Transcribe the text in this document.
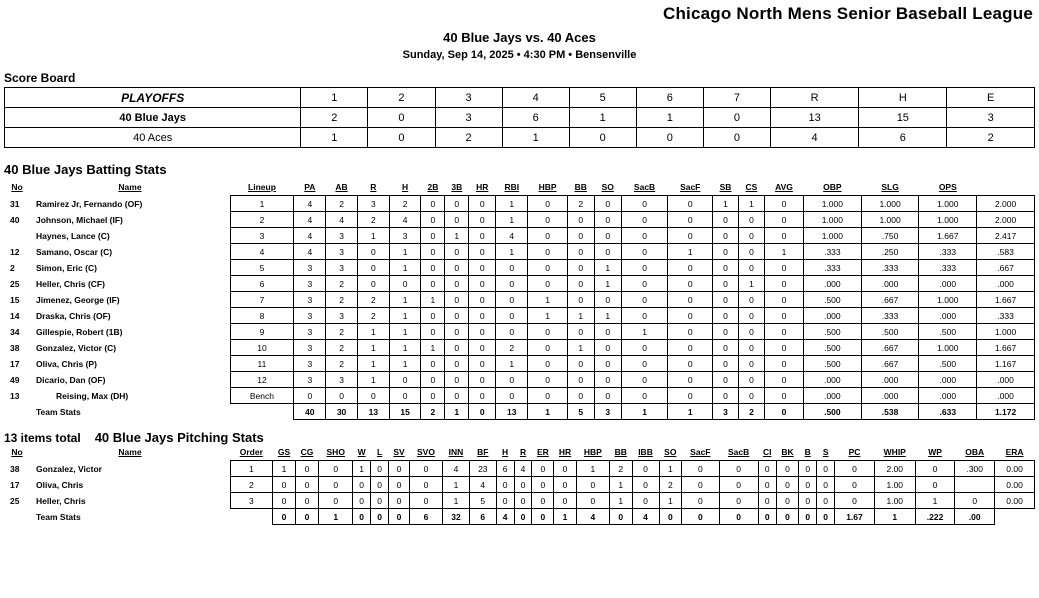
Chicago North Mens Senior Baseball League
40 Blue Jays vs. 40 Aces
Sunday, Sep 14, 2025 • 4:30 PM • Bensenville
Score Board
PLAYOFFS	1	2	3	4	5	6	7	R	H	E
40 Blue Jays	2	0	3	6	1	1	0	13	15	3
40 Aces	1	0	2	1	0	0	0	4	6	2
40 Blue Jays Batting Stats
No	Name	Lineup	PA	AB	R	H	2B	3B	HR	RBI	HBP	BB	SO	SacB	SacF	SB	CS	AVG	OBP	SLG	OPS	
31	Ramirez Jr, Fernando (OF)	1	4	2	3	2	0	0	0	1	0	2	0	0	0	1	1	0	1.000	1.000	1.000	2.000
40	Johnson, Michael (IF)	2	4	4	2	4	0	0	0	1	0	0	0	0	0	0	0	0	1.000	1.000	1.000	2.000
	Haynes, Lance (C)	3	4	3	1	3	0	1	0	4	0	0	0	0	0	0	0	0	1.000	.750	1.667	2.417
12	Samano, Oscar (C)	4	4	3	0	1	0	0	0	1	0	0	0	0	1	0	0	1	.333	.250	.333	.583
2	Simon, Eric (C)	5	3	3	0	1	0	0	0	0	0	0	1	0	0	0	0	0	.333	.333	.333	.667
25	Heller, Chris (CF)	6	3	2	0	0	0	0	0	0	0	0	1	0	0	0	1	0	.000	.000	.000	.000
15	Jimenez, George (IF)	7	3	2	2	1	1	0	0	0	1	0	0	0	0	0	0	0	.500	.667	1.000	1.667
14	Draska, Chris (OF)	8	3	3	2	1	0	0	0	0	1	1	1	0	0	0	0	0	.000	.333	.000	.333
34	Gillespie, Robert (1B)	9	3	2	1	1	0	0	0	0	0	0	0	1	0	0	0	0	.500	.500	.500	1.000
38	Gonzalez, Victor (C)	10	3	2	1	1	1	0	0	2	0	1	0	0	0	0	0	0	.500	.667	1.000	1.667
17	Oliva, Chris (P)	11	3	2	1	1	0	0	0	1	0	0	0	0	0	0	0	0	.500	.667	.500	1.167
49	Dicario, Dan (OF)	12	3	3	1	0	0	0	0	0	0	0	0	0	0	0	0	0	.000	.000	.000	.000
13	Reising, Max (DH)	Bench	0	0	0	0	0	0	0	0	0	0	0	0	0	0	0	0	.000	.000	.000	.000
	Team Stats		40	30	13	15	2	1	0	13	1	5	3	1	1	3	2	0	.500	.538	.633	1.172
13 items total 40 Blue Jays Pitching Stats
No	Name	Order	GS	CG	SHO	W	L	SV	SVO	INN	BF	H	R	ER	HR	HBP	BB	IBB	SO	SacF	SacB	CI	BK	B	S	PC	WHIP	WP	OBA	ERA
38	Gonzalez, Victor	1	1	0	0	1	0	0	0	4	23	6	4	0	0	1	2	0	1	0	0	0	0	0	0	0	2.00	0	.300	0.00
17	Oliva, Chris	2	0	0	0	0	0	0	0	1	4	0	0	0	0	0	1	0	2	0	0	0	0	0	0	0	1.00	0		0.00
25	Heller, Chris	3	0	0	0	0	0	0	0	1	5	0	0	0	0	0	1	0	1	0	0	0	0	0	0	0	1.00	1	0	0.00
	Team Stats		0	0	1	0	0	0	6	32	6	4	0	0	1	4	0	4	0	0	0	0	0	0	0	1.67	1	.222	.00	
